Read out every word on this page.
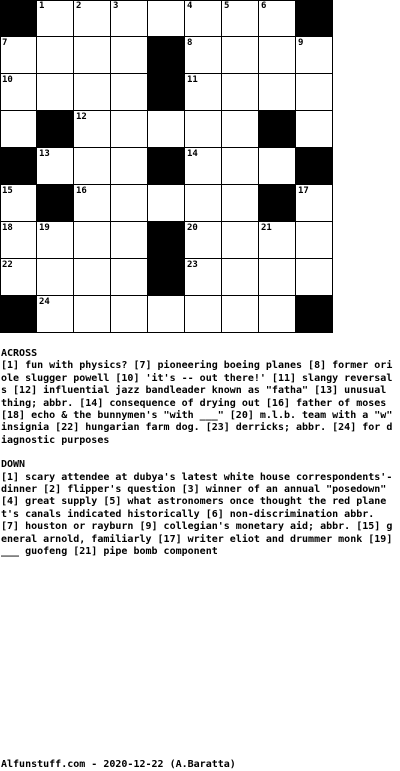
1	2	3	4	5	6
7	8	9
10	11
12
13	14
15	16	17
18	19	20	21
22	23
24

ACROSS

[1] fun with physics? [7] pioneering boeing planes [8] former oriole slugger powell [10] 'it's -- out there!' [11] slangy reversals [12] influential jazz bandleader known as "fatha" [13] unusual thing; abbr. [14] consequence of drying out [16] father of moses [18] echo & the bunnymen's "with ___" [20] m.l.b. team with a "w" insignia [22] hungarian farm dog. [23] derricks; abbr. [24] for diagnostic purposes

DOWN

[1] scary attendee at dubya's latest white house correspondents'-dinner [2] flipper's question [3] winner of an annual "posedown" [4] great supply [5] what astronomers once thought the red planet's canals indicated historically [6] non-discrimination abbr. [7] houston or rayburn [9] collegian's monetary aid; abbr. [15] general arnold, familiarly [17] writer eliot and drummer monk [19] ___ guofeng [21] pipe bomb component

Alfunstuff.com - 2020-12-22 (A.Baratta)
